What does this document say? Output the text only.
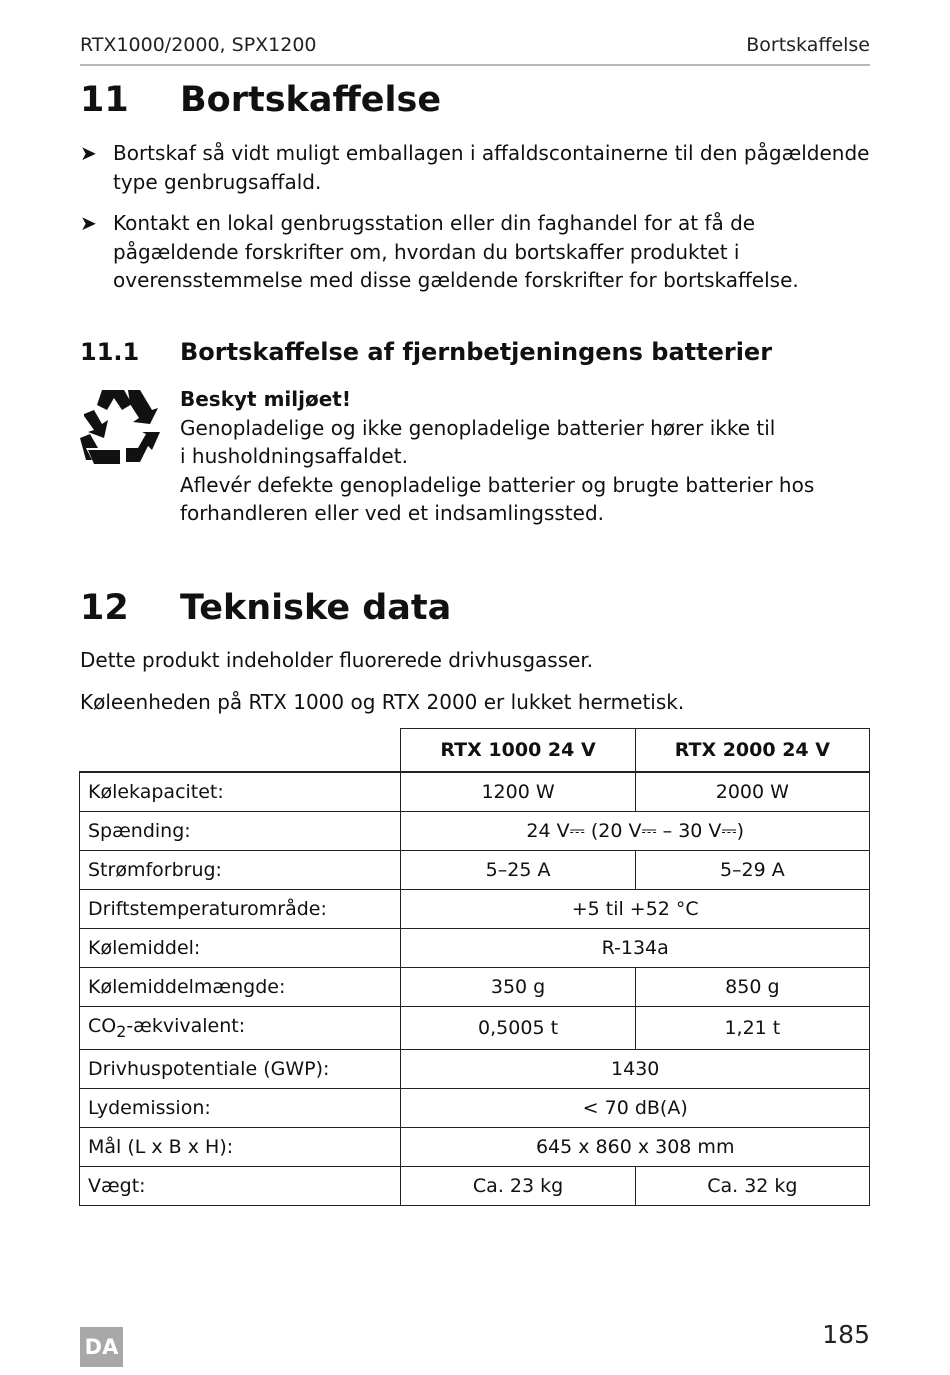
RTX1000/2000, SPX1200	Bortskaffelse
11 Bortskaffelse
➤ Bortskaf så vidt muligt emballagen i affaldscontainerne til den pågældende type genbrugsaffald.
➤ Kontakt en lokal genbrugsstation eller din faghandel for at få de pågældende forskrifter om, hvordan du bortskaffer produktet i overensstemmelse med disse gældende forskrifter for bortskaffelse.
11.1 Bortskaffelse af fjernbetjeningens batterier
Beskyt miljøet!
Genopladelige og ikke genopladelige batterier hører ikke til
i husholdningsaffaldet.
Aflevér defekte genopladelige batterier og brugte batterier hos
forhandleren eller ved et indsamlingssted.
12 Tekniske data
Dette produkt indeholder fluorerede drivhusgasser.
Køleenheden på RTX 1000 og RTX 2000 er lukket hermetisk.
	RTX 1000 24 V	RTX 2000 24 V
Kølekapacitet:	1200 W	2000 W
Spænding:	24 V⎓ (20 V⎓ – 30 V⎓)	
Strømforbrug:	5–25 A	5–29 A
Driftstemperaturområde:	+5 til +52 °C	
Kølemiddel:	R-134a	
Kølemiddelmængde:	350 g	850 g
$CO_2$-ækvivalent:	0,5005 t	1,21 t
Drivhuspotentiale (GWP):	1430	
Lydemission:	< 70 dB(A)	
Mål (L x B x H):	645 x 860 x 308 mm	
Vægt:	Ca. 23 kg	Ca. 32 kg
DA	185
